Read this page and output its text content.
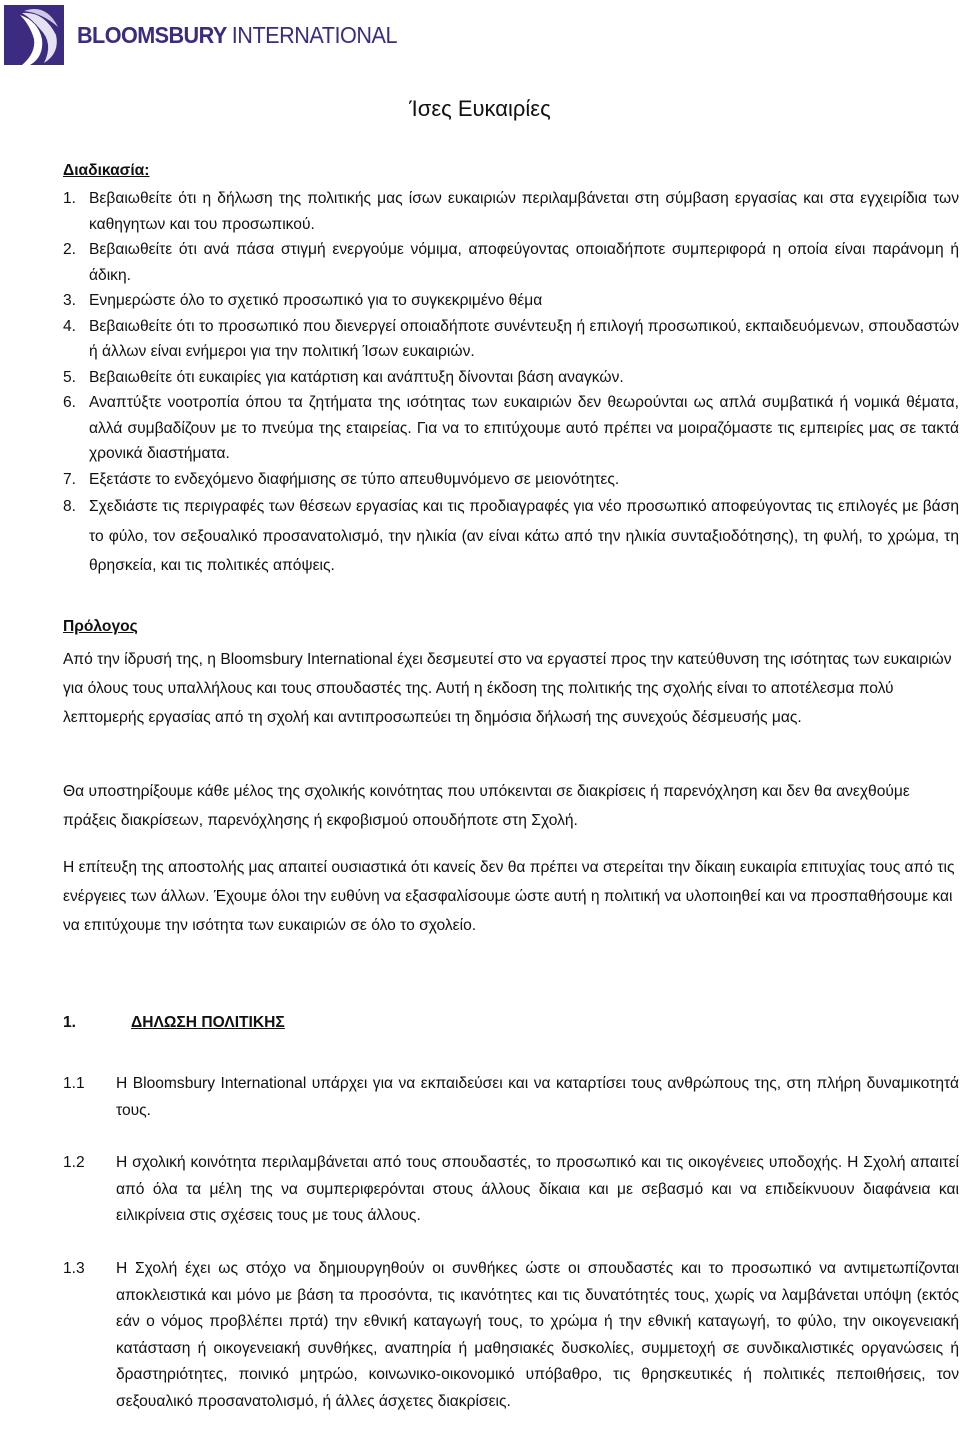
BLOOMSBURY INTERNATIONAL
Ίσες Ευκαιρίες
Διαδικασία:
1. Βεβαιωθείτε ότι η δήλωση της πολιτικής μας ίσων ευκαιριών περιλαμβάνεται στη σύμβαση εργασίας και στα εγχειρίδια των καθηγητων και του προσωπικού.
2. Βεβαιωθείτε ότι ανά πάσα στιγμή ενεργούμε νόμιμα, αποφεύγοντας οποιαδήποτε συμπεριφορά η οποία είναι παράνομη ή άδικη.
3. Ενημερώστε όλο το σχετικό προσωπικό για το συγκεκριμένο θέμα
4. Βεβαιωθείτε ότι το προσωπικό που διενεργεί οποιαδήποτε συνέντευξη ή επιλογή προσωπικού, εκπαιδευόμενων, σπουδαστών ή άλλων είναι ενήμεροι για την πολιτική Ίσων ευκαιριών.
5. Βεβαιωθείτε ότι ευκαιρίες για κατάρτιση και ανάπτυξη δίνονται βάση αναγκών.
6. Αναπτύξτε νοοτροπία όπου τα ζητήματα της ισότητας των ευκαιριών δεν θεωρούνται ως απλά συμβατικά ή νομικά θέματα, αλλά συμβαδίζουν με το πνεύμα της εταιρείας. Για να το επιτύχουμε αυτό πρέπει να μοιραζόμαστε τις εμπειρίες μας σε τακτά χρονικά διαστήματα.
7. Εξετάστε το ενδεχόμενο διαφήμισης σε τύπο απευθυμνόμενο σε μειονότητες.
8. Σχεδιάστε τις περιγραφές των θέσεων εργασίας και τις προδιαγραφές για νέο προσωπικό αποφεύγοντας τις επιλογές με βάση το φύλο, τον σεξουαλικό προσανατολισμό, την ηλικία (αν είναι κάτω από την ηλικία συνταξιοδότησης), τη φυλή, το χρώμα, τη θρησκεία, και τις πολιτικές απόψεις.
Πρόλογος
Από την ίδρυσή της, η Bloomsbury International έχει δεσμευτεί στο να εργαστεί προς την κατεύθυνση της ισότητας των ευκαιριών για όλους τους υπαλλήλους και τους σπουδαστές της. Αυτή η έκδοση της πολιτικής της σχολής είναι το αποτέλεσμα πολύ λεπτομερής εργασίας από τη σχολή και αντιπροσωπεύει τη δημόσια δήλωσή της συνεχούς δέσμευσής μας.
Θα υποστηρίξουμε κάθε μέλος της σχολικής κοινότητας που υπόκεινται σε διακρίσεις ή παρενόχληση και δεν θα ανεχθούμε πράξεις διακρίσεων, παρενόχλησης ή εκφοβισμού οπουδήποτε στη Σχολή.
Η επίτευξη της αποστολής μας απαιτεί ουσιαστικά ότι κανείς δεν θα πρέπει να στερείται την δίκαιη ευκαιρία επιτυχίας τους από τις ενέργειες των άλλων. Έχουμε όλοι την ευθύνη να εξασφαλίσουμε ώστε αυτή η πολιτική να υλοποιηθεί και να προσπαθήσουμε και να επιτύχουμε την ισότητα των ευκαιριών σε όλο το σχολείο.
1.	ΔΗΛΩΣΗ ΠΟΛΙΤΙΚΗΣ
1.1 Η Bloomsbury International υπάρχει για να εκπαιδεύσει και να καταρτίσει τους ανθρώπους της, στη πλήρη δυναμικοτητά τους.
1.2 Η σχολική κοινότητα περιλαμβάνεται από τους σπουδαστές, το προσωπικό και τις οικογένειες υποδοχής. Η Σχολή απαιτεί από όλα τα μέλη της να συμπεριφερόνται στους άλλους δίκαια και με σεβασμό και να επιδείκνυουν διαφάνεια και ειλικρίνεια στις σχέσεις τους με τους άλλους.
1.3 Η Σχολή έχει ως στόχο να δημιουργηθούν οι συνθήκες ώστε οι σπουδαστές και το προσωπικό να αντιμετωπίζονται αποκλειστικά και μόνο με βάση τα προσόντα, τις ικανότητες και τις δυνατότητές τους, χωρίς να λαμβάνεται υπόψη (εκτός εάν ο νόμος προβλέπει πρτά) την εθνική καταγωγή τους, το χρώμα ή την εθνική καταγωγή, το φύλο, την οικογενειακή κατάσταση ή οικογενειακή συνθήκες, αναπηρία ή μαθησιακές δυσκολίες, συμμετοχή σε συνδικαλιστικές οργανώσεις ή δραστηριότητες, ποινικό μητρώο, κοινωνικο-οικονομικό υπόβαθρο, τις θρησκευτικές ή πολιτικές πεποιθήσεις, τον σεξουαλικό προσανατολισμό, ή άλλες άσχετες διακρίσεις.
